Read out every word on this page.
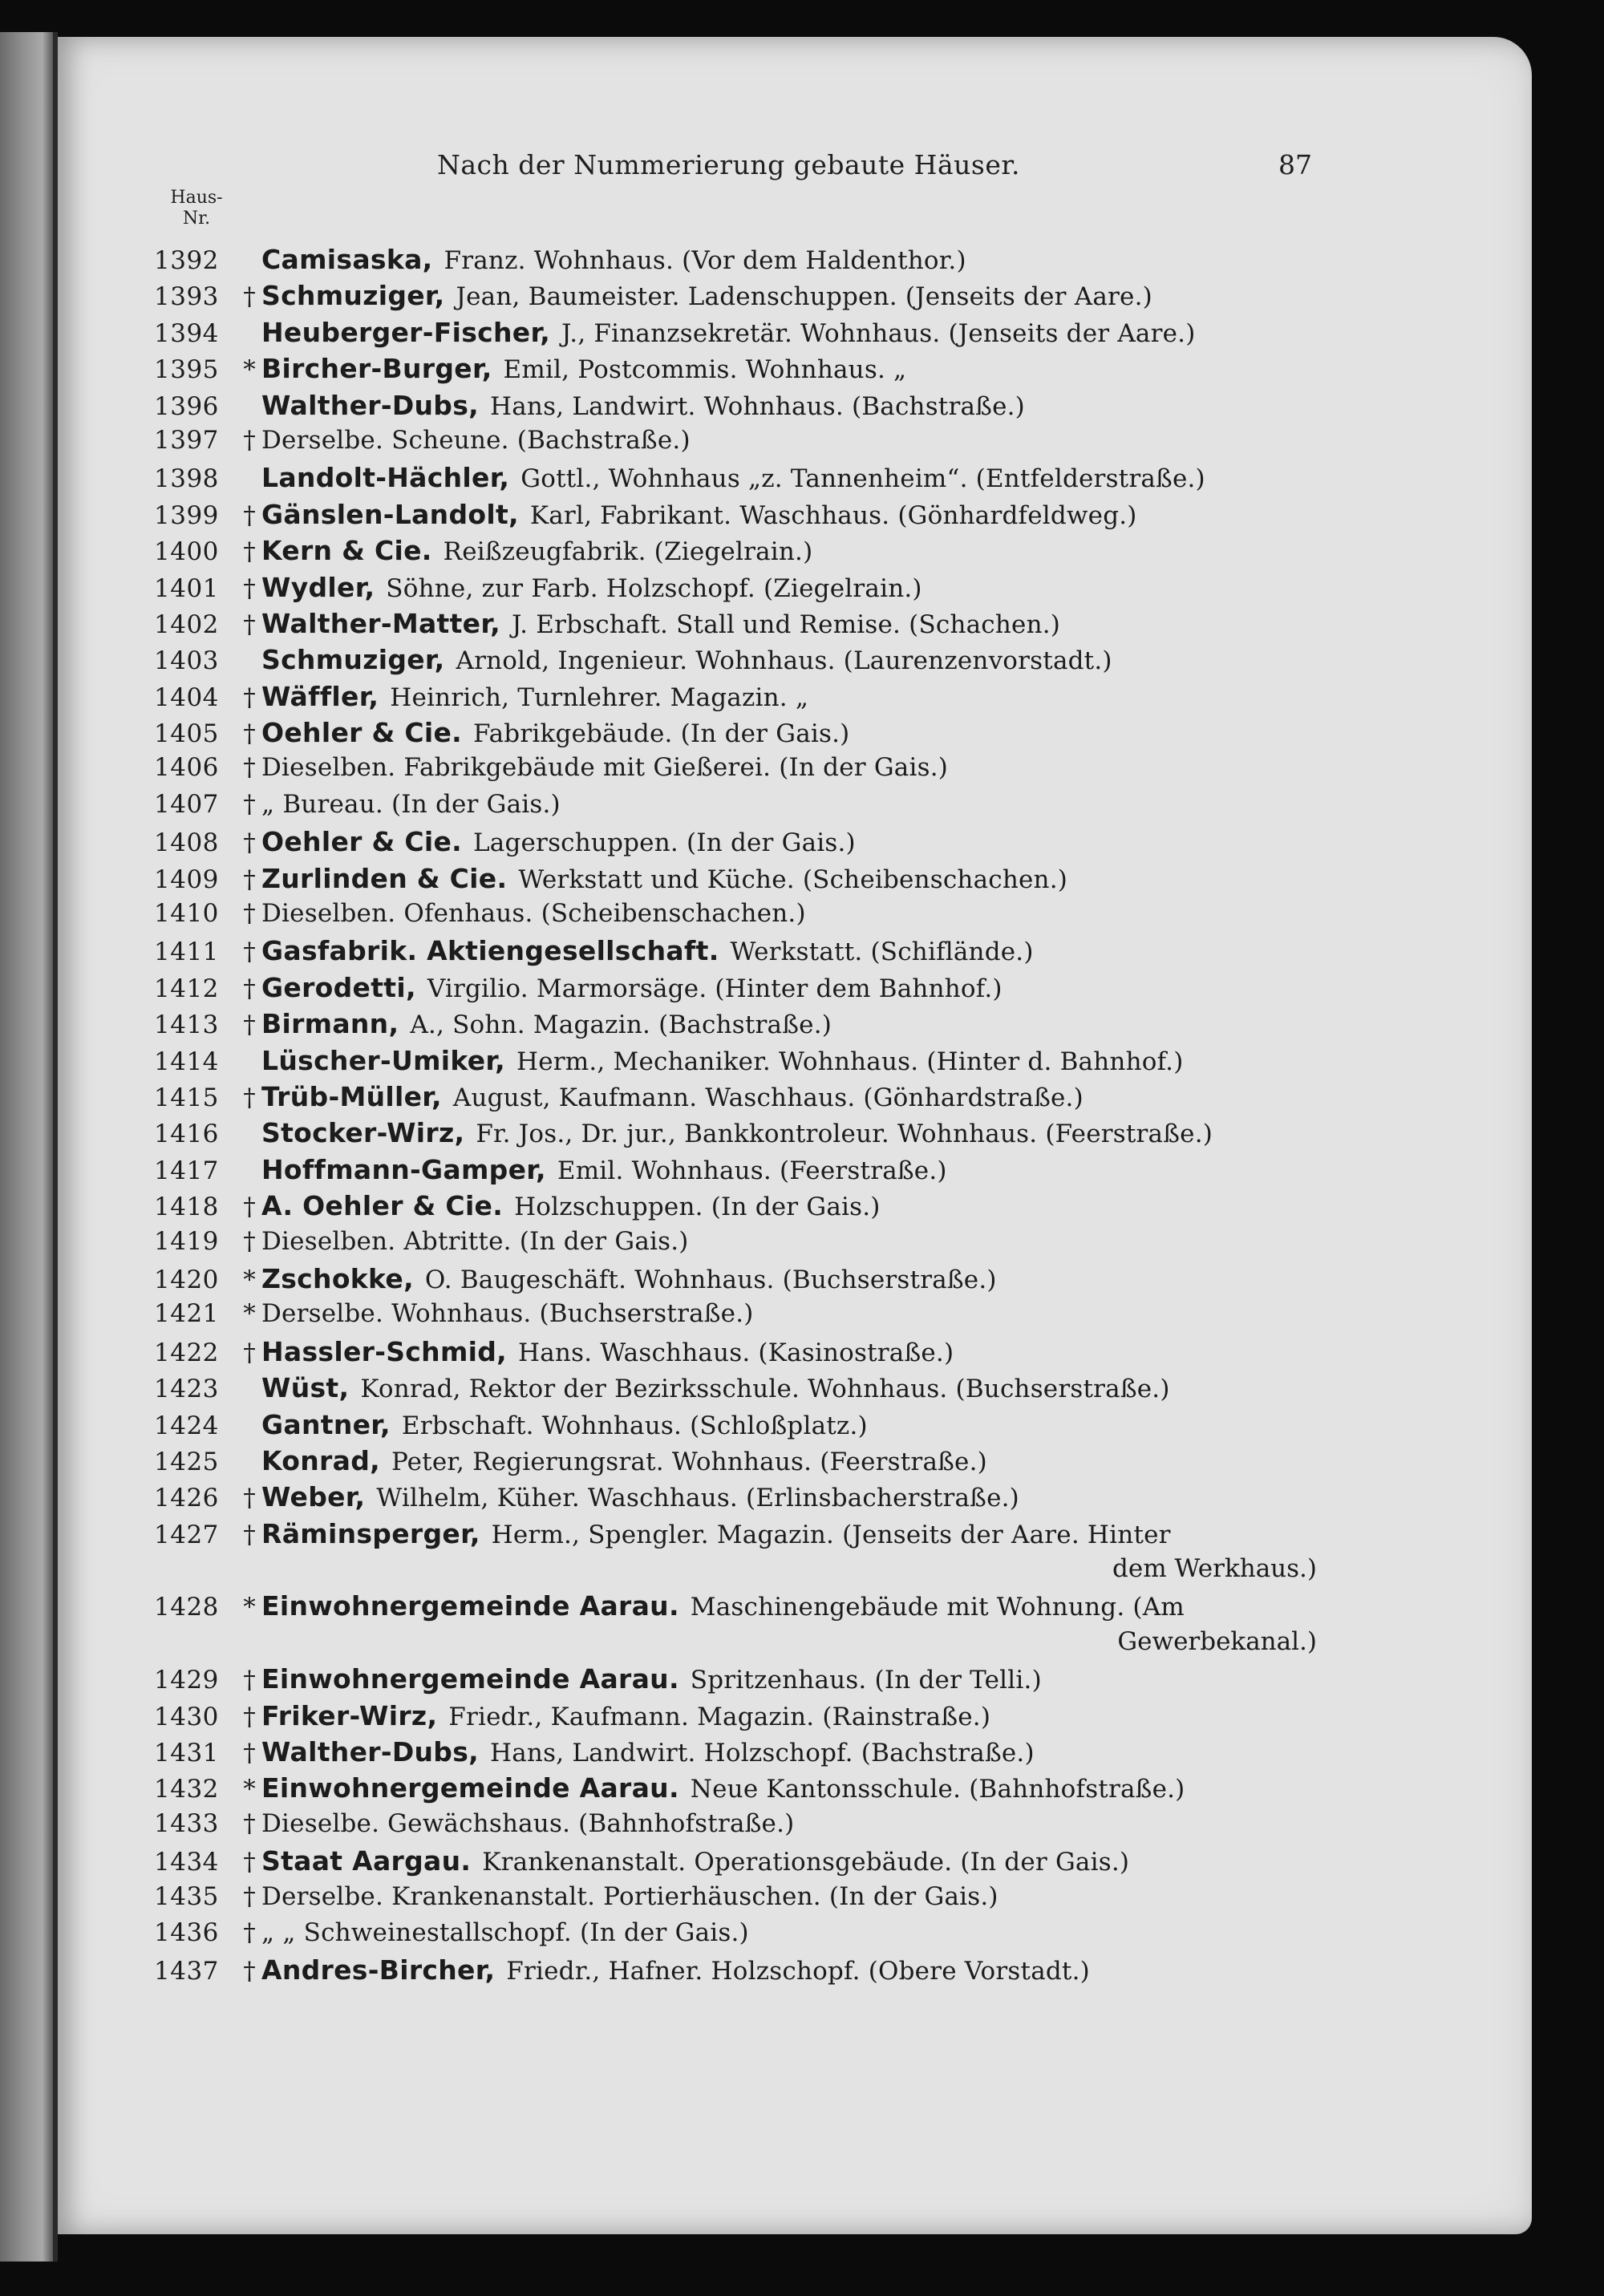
Nach der Nummerierung gebaute Häuser.	87
Haus-
Nr.
1392	Camisaska, Franz. Wohnhaus. (Vor dem Haldenthor.)
1393 † Schmuziger, Jean, Baumeister. Ladenschuppen. (Jenseits der Aare.)
1394	Heuberger-Fischer, J., Finanzsekretär. Wohnhaus. (Jenseits der Aare.)
1395 * Bircher-Burger, Emil, Postcommis. Wohnhaus. „
1396	Walther-Dubs, Hans, Landwirt. Wohnhaus. (Bachstraße.)
1397 † Derselbe. Scheune. (Bachstraße.)
1398	Landolt-Hächler, Gottl., Wohnhaus „z. Tannenheim“. (Entfelderstraße.)
1399 † Gänslen-Landolt, Karl, Fabrikant. Waschhaus. (Gönhardfeldweg.)
1400 † Kern & Cie. Reißzeugfabrik. (Ziegelrain.)
1401 † Wydler, Söhne, zur Farb. Holzschopf. (Ziegelrain.)
1402 † Walther-Matter, J. Erbschaft. Stall und Remise. (Schachen.)
1403	Schmuziger, Arnold, Ingenieur. Wohnhaus. (Laurenzenvorstadt.)
1404 † Wäffler, Heinrich, Turnlehrer. Magazin. „
1405 † Oehler & Cie. Fabrikgebäude. (In der Gais.)
1406 † Dieselben. Fabrikgebäude mit Gießerei. (In der Gais.)
1407 † „ Bureau. (In der Gais.)
1408 † Oehler & Cie. Lagerschuppen. (In der Gais.)
1409 † Zurlinden & Cie. Werkstatt und Küche. (Scheibenschachen.)
1410 † Dieselben. Ofenhaus. (Scheibenschachen.)
1411 † Gasfabrik. Aktiengesellschaft. Werkstatt. (Schiflände.)
1412 † Gerodetti, Virgilio. Marmorsäge. (Hinter dem Bahnhof.)
1413 † Birmann, A., Sohn. Magazin. (Bachstraße.)
1414	Lüscher-Umiker, Herm., Mechaniker. Wohnhaus. (Hinter d. Bahnhof.)
1415 † Trüb-Müller, August, Kaufmann. Waschhaus. (Gönhardstraße.)
1416	Stocker-Wirz, Fr. Jos., Dr. jur., Bankkontroleur. Wohnhaus. (Feerstraße.)
1417	Hoffmann-Gamper, Emil. Wohnhaus. (Feerstraße.)
1418 † A. Oehler & Cie. Holzschuppen. (In der Gais.)
1419 † Dieselben. Abtritte. (In der Gais.)
1420 * Zschokke, O. Baugeschäft. Wohnhaus. (Buchserstraße.)
1421 * Derselbe. Wohnhaus. (Buchserstraße.)
1422 † Hassler-Schmid, Hans. Waschhaus. (Kasinostraße.)
1423	Wüst, Konrad, Rektor der Bezirksschule. Wohnhaus. (Buchserstraße.)
1424	Gantner, Erbschaft. Wohnhaus. (Schloßplatz.)
1425	Konrad, Peter, Regierungsrat. Wohnhaus. (Feerstraße.)
1426 † Weber, Wilhelm, Küher. Waschhaus. (Erlinsbacherstraße.)
1427 † Räminsperger, Herm., Spengler. Magazin. (Jenseits der Aare. Hinter
dem Werkhaus.)
1428 * Einwohnergemeinde Aarau. Maschinengebäude mit Wohnung. (Am
Gewerbekanal.)
1429 † Einwohnergemeinde Aarau. Spritzenhaus. (In der Telli.)
1430 † Friker-Wirz, Friedr., Kaufmann. Magazin. (Rainstraße.)
1431 † Walther-Dubs, Hans, Landwirt. Holzschopf. (Bachstraße.)
1432 * Einwohnergemeinde Aarau. Neue Kantonsschule. (Bahnhofstraße.)
1433 † Dieselbe. Gewächshaus. (Bahnhofstraße.)
1434 † Staat Aargau. Krankenanstalt. Operationsgebäude. (In der Gais.)
1435 † Derselbe. Krankenanstalt. Portierhäuschen. (In der Gais.)
1436 † „ „ Schweinestallschopf. (In der Gais.)
1437 † Andres-Bircher, Friedr., Hafner. Holzschopf. (Obere Vorstadt.)
